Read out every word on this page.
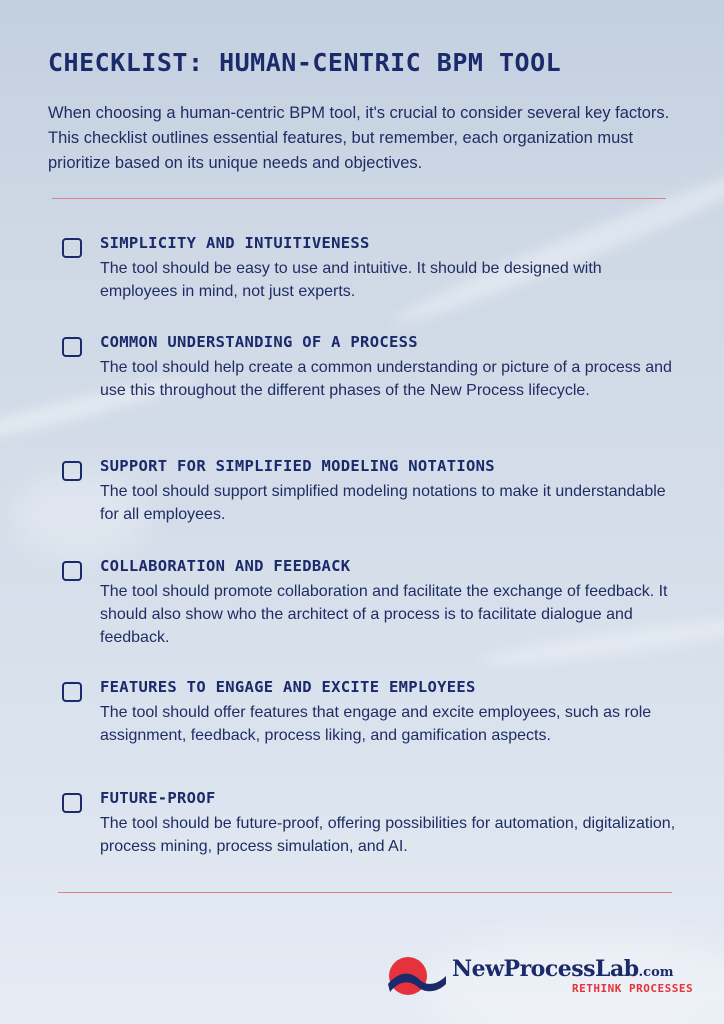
CHECKLIST: HUMAN-CENTRIC BPM TOOL

When choosing a human-centric BPM tool, it's crucial to consider several key factors. This checklist outlines essential features, but remember, each organization must prioritize based on its unique needs and objectives.

SIMPLICITY AND INTUITIVENESS
The tool should be easy to use and intuitive. It should be designed with employees in mind, not just experts.
COMMON UNDERSTANDING OF A PROCESS
The tool should help create a common understanding or picture of a process and use this throughout the different phases of the New Process lifecycle.
SUPPORT FOR SIMPLIFIED MODELING NOTATIONS
The tool should support simplified modeling notations to make it understandable for all employees.
COLLABORATION AND FEEDBACK
The tool should promote collaboration and facilitate the exchange of feedback. It should also show who the architect of a process is to facilitate dialogue and feedback.
FEATURES TO ENGAGE AND EXCITE EMPLOYEES
The tool should offer features that engage and excite employees, such as role assignment, feedback, process liking, and gamification aspects.
FUTURE-PROOF
The tool should be future-proof, offering possibilities for automation, digitalization, process mining, process simulation, and AI.
NewProcessLab.com
RETHINK PROCESSES
